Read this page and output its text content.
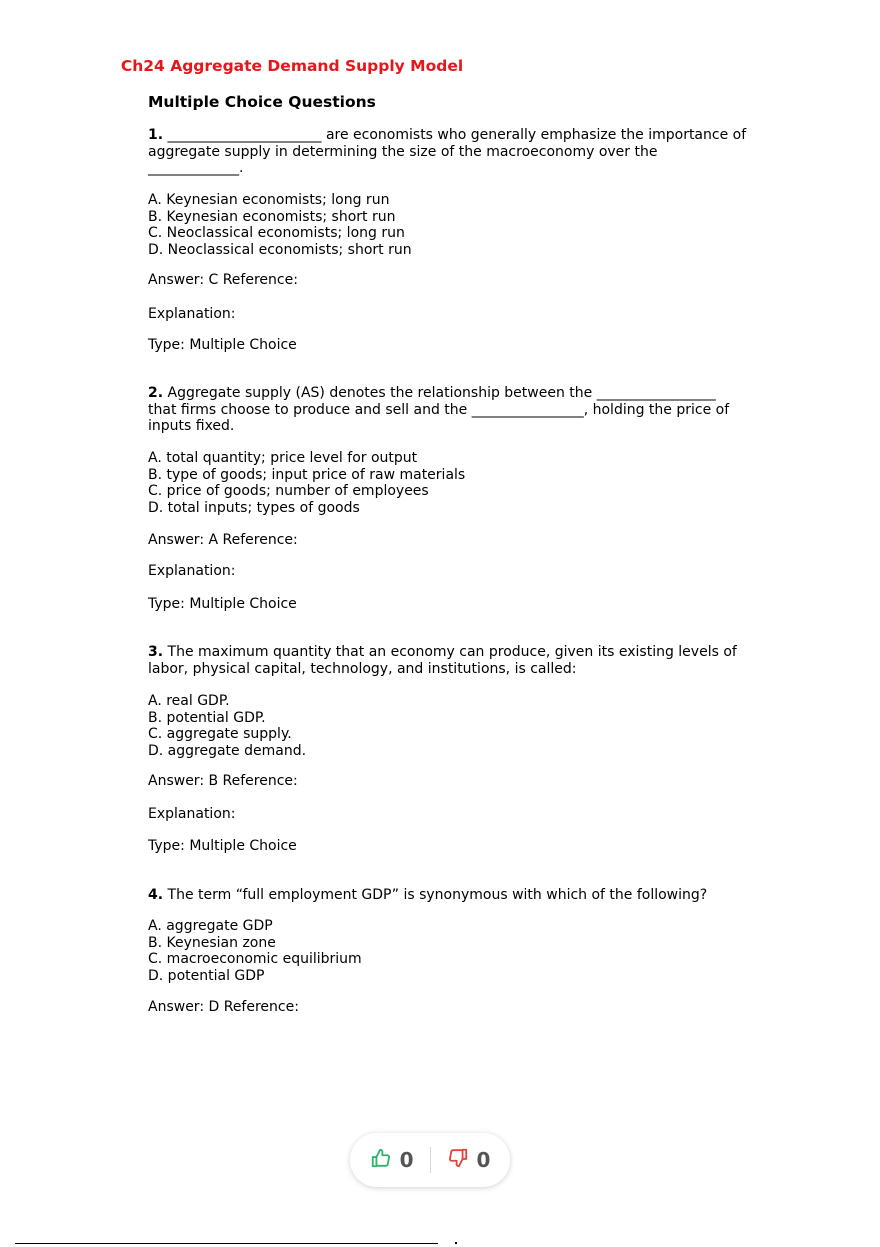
Ch24 Aggregate Demand Supply Model
Multiple Choice Questions
1. ______________________ are economists who generally emphasize the importance of aggregate supply in determining the size of the macroeconomy over the _____________.
A. Keynesian economists; long run
B. Keynesian economists; short run
C. Neoclassical economists; long run
D. Neoclassical economists; short run
Answer: C Reference:
Explanation:
Type: Multiple Choice
2. Aggregate supply (AS) denotes the relationship between the _________________ that firms choose to produce and sell and the ________________, holding the price of inputs fixed.
A. total quantity; price level for output
B. type of goods; input price of raw materials
C. price of goods; number of employees
D. total inputs; types of goods
Answer: A Reference:
Explanation:
Type: Multiple Choice
3. The maximum quantity that an economy can produce, given its existing levels of labor, physical capital, technology, and institutions, is called:
A. real GDP.
B. potential GDP.
C. aggregate supply.
D. aggregate demand.
Answer: B Reference:
Explanation:
Type: Multiple Choice
4. The term “full employment GDP” is synonymous with which of the following?
A. aggregate GDP
B. Keynesian zone
C. macroeconomic equilibrium
D. potential GDP
Answer: D Reference:
0	0
